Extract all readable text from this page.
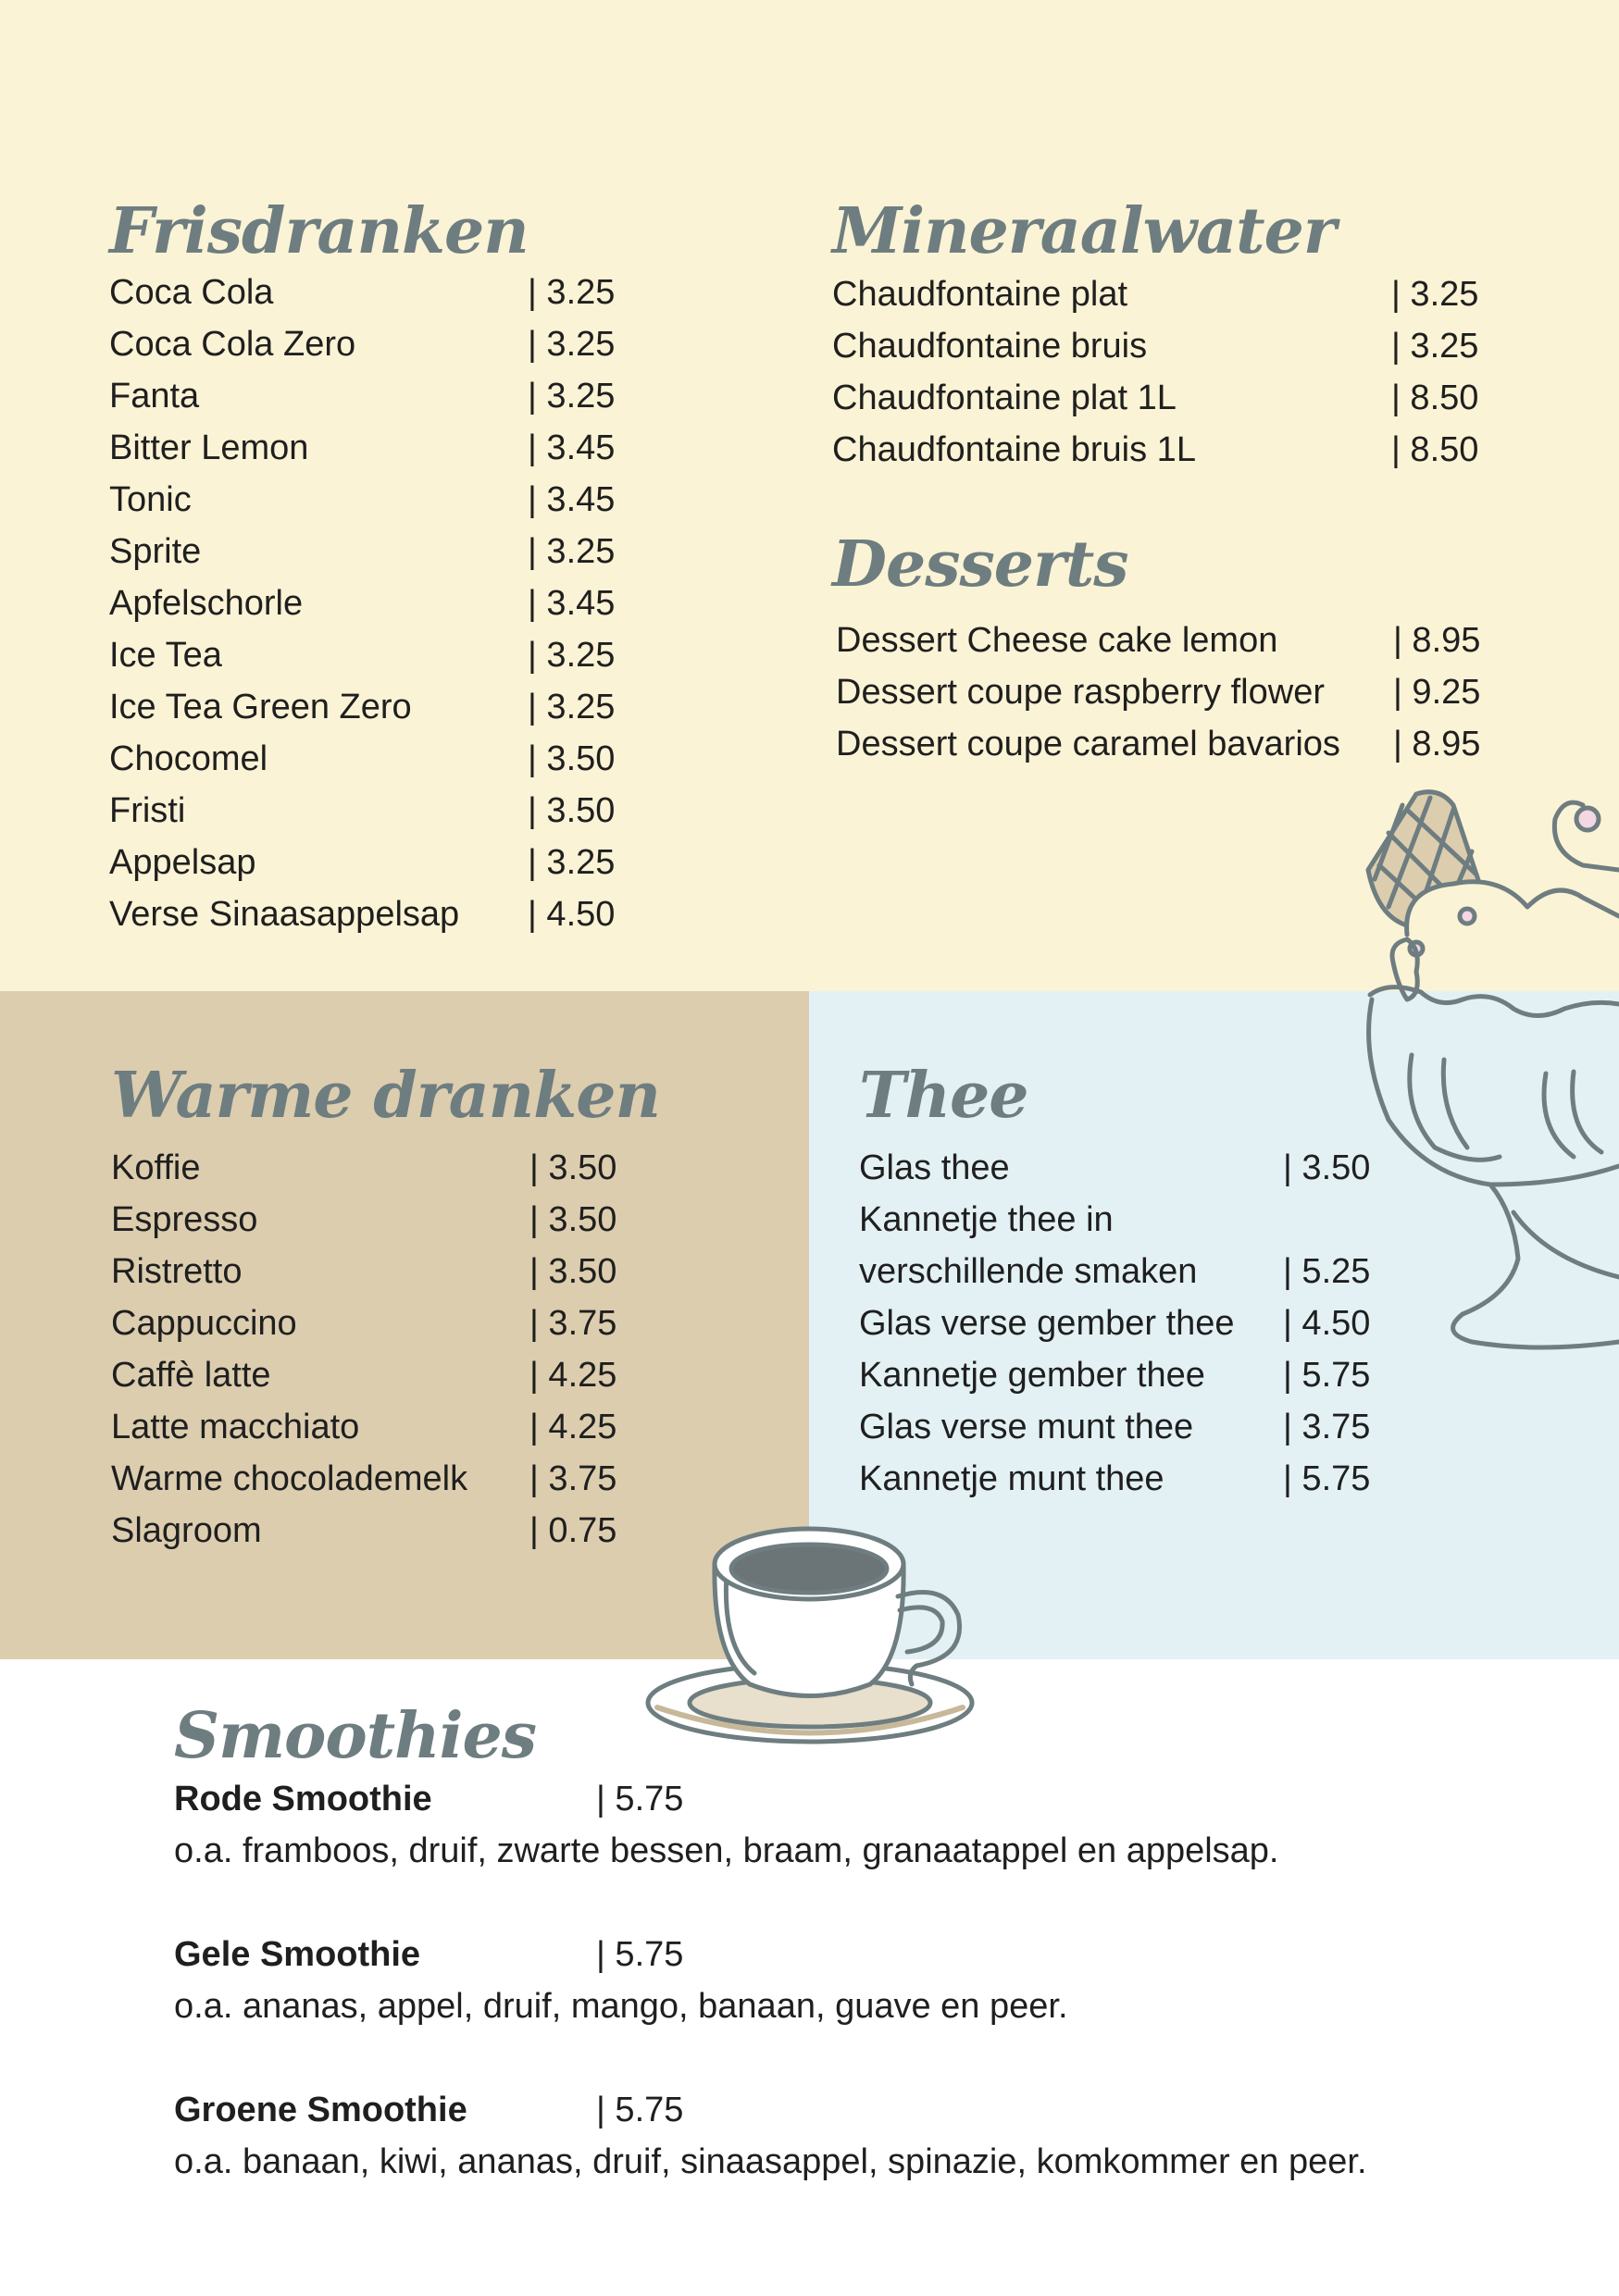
Frisdranken
Coca Cola	| 3.25
Coca Cola Zero	| 3.25
Fanta	| 3.25
Bitter Lemon	| 3.45
Tonic	| 3.45
Sprite	| 3.25
Apfelschorle	| 3.45
Ice Tea	| 3.25
Ice Tea Green Zero	| 3.25
Chocomel	| 3.50
Fristi	| 3.50
Appelsap	| 3.25
Verse Sinaasappelsap | 4.50
Mineraalwater
Chaudfontaine plat	| 3.25
Chaudfontaine bruis	| 3.25
Chaudfontaine plat 1L	| 8.50
Chaudfontaine bruis 1L	| 8.50
Desserts
Dessert Cheese cake lemon	| 8.95
Dessert coupe raspberry flower | 9.25
Dessert coupe caramel bavarios | 8.95
Warme dranken
Koffie	| 3.50
Espresso	| 3.50
Ristretto	| 3.50
Cappuccino	| 3.75
Caffè latte	| 4.25
Latte macchiato	| 4.25
Warme chocolademelk | 3.75
Slagroom	| 0.75
Thee
Glas thee	| 3.50
Kannetje thee in
verschillende smaken | 5.25
Glas verse gember thee | 4.50
Kannetje gember thee | 5.75
Glas verse munt thee	| 3.75
Kannetje munt thee	| 5.75
Smoothies
Rode Smoothie	| 5.75
o.a. framboos, druif, zwarte bessen, braam, granaatappel en appelsap.
Gele Smoothie	| 5.75
o.a. ananas, appel, druif, mango, banaan, guave en peer.
Groene Smoothie	| 5.75
o.a. banaan, kiwi, ananas, druif, sinaasappel, spinazie, komkommer en peer.
